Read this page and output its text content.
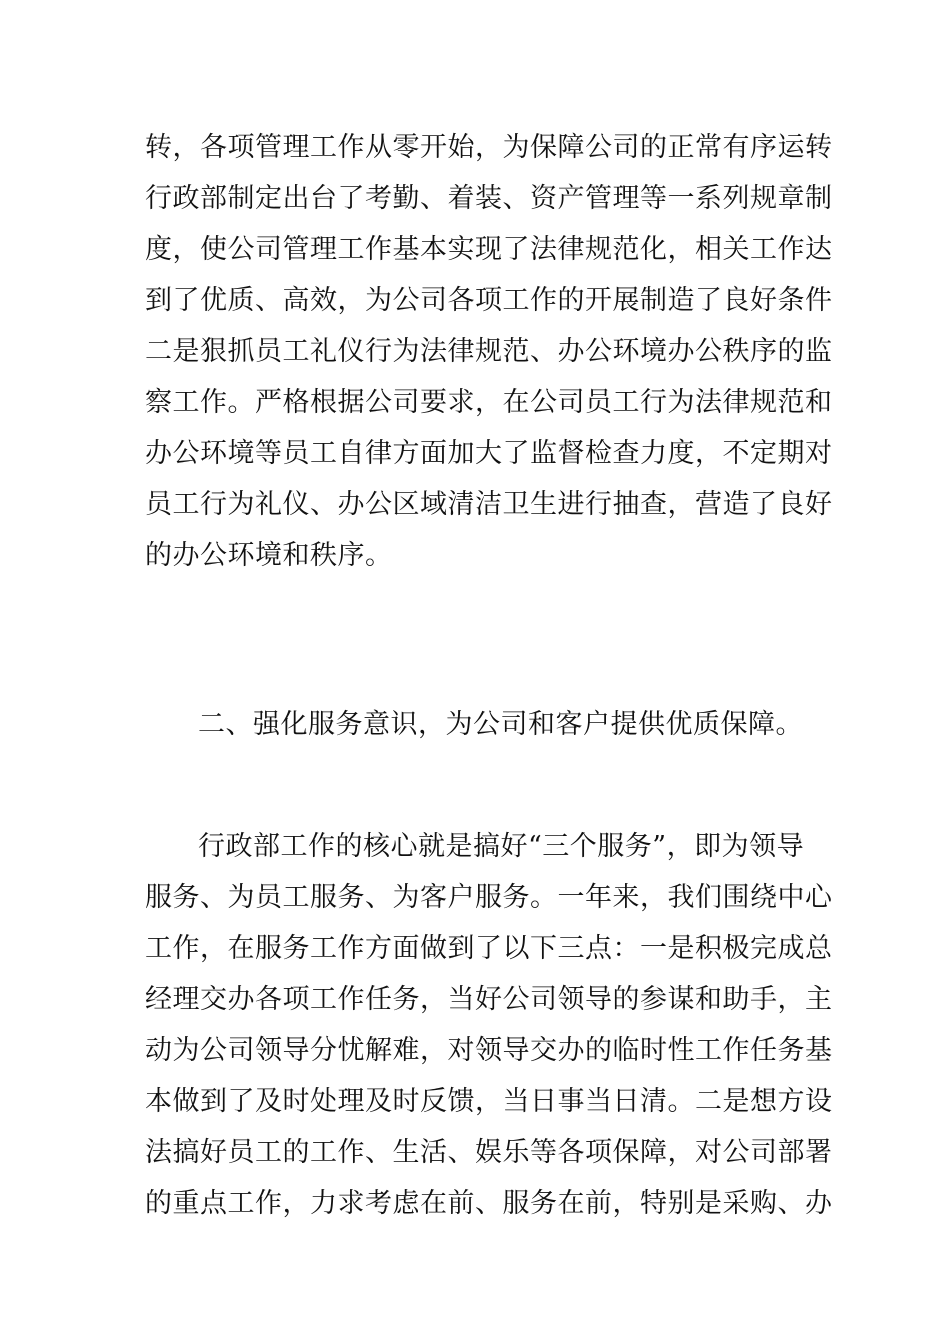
转，各项管理工作从零开始，为保障公司的正常有序运转
行政部制定出台了考勤、着装、资产管理等一系列规章制
度，使公司管理工作基本实现了法律规范化，相关工作达
到了优质、高效，为公司各项工作的开展制造了良好条件
二是狠抓员工礼仪行为法律规范、办公环境办公秩序的监
察工作。严格根据公司要求，在公司员工行为法律规范和
办公环境等员工自律方面加大了监督检查力度，不定期对
员工行为礼仪、办公区域清洁卫生进行抽查，营造了良好
的办公环境和秩序。
二、强化服务意识，为公司和客户提供优质保障。
行政部工作的核心就是搞好“三个服务”，即为领导
服务、为员工服务、为客户服务。一年来，我们围绕中心
工作，在服务工作方面做到了以下三点：一是积极完成总
经理交办各项工作任务，当好公司领导的参谋和助手，主
动为公司领导分忧解难，对领导交办的临时性工作任务基
本做到了及时处理及时反馈，当日事当日清。二是想方设
法搞好员工的工作、生活、娱乐等各项保障，对公司部署
的重点工作，力求考虑在前、服务在前，特别是采购、办
